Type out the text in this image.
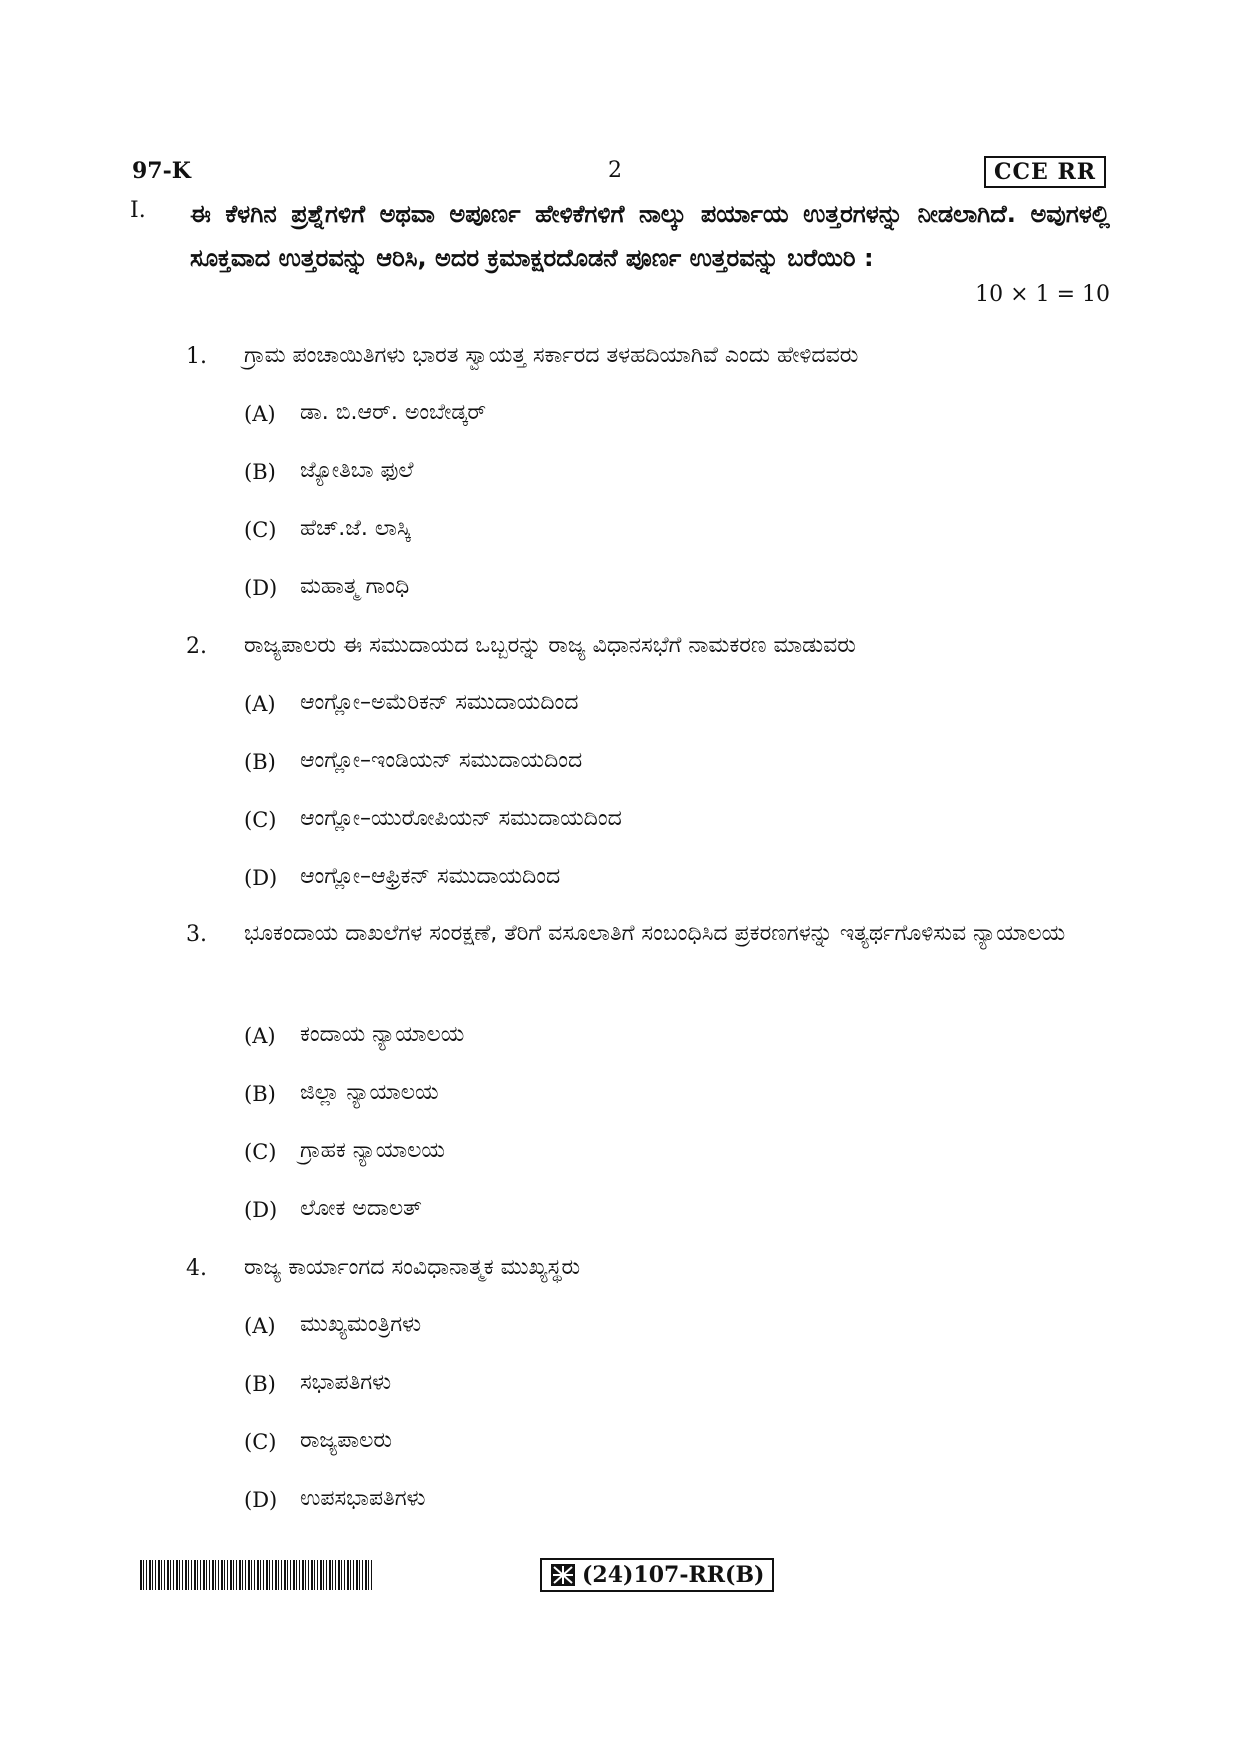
97-K	2	CCE RR
I. ಈ ಕೆಳಗಿನ ಪ್ರಶ್ನೆಗಳಿಗೆ ಅಥವಾ ಅಪೂರ್ಣ ಹೇಳಿಕೆಗಳಿಗೆ ನಾಲ್ಕು ಪರ್ಯಾಯ ಉತ್ತರಗಳನ್ನು ನೀಡಲಾಗಿದೆ. ಅವುಗಳಲ್ಲಿ ಸೂಕ್ತವಾದ ಉತ್ತರವನ್ನು ಆರಿಸಿ, ಅದರ ಕ್ರಮಾಕ್ಷರದೊಡನೆ ಪೂರ್ಣ ಉತ್ತರವನ್ನು ಬರೆಯಿರಿ :
10 × 1 = 10
1. ಗ್ರಾಮ ಪಂಚಾಯಿತಿಗಳು ಭಾರತ ಸ್ವಾಯತ್ತ ಸರ್ಕಾರದ ತಳಹದಿಯಾಗಿವೆ ಎಂದು ಹೇಳಿದವರು
(A) ಡಾ. ಬಿ.ಆರ್. ಅಂಬೇಡ್ಕರ್
(B) ಜ್ಯೋತಿಬಾ ಫುಲೆ
(C) ಹೆಚ್.ಜೆ. ಲಾಸ್ಕಿ
(D) ಮಹಾತ್ಮ ಗಾಂಧಿ
2. ರಾಜ್ಯಪಾಲರು ಈ ಸಮುದಾಯದ ಒಬ್ಬರನ್ನು ರಾಜ್ಯ ವಿಧಾನಸಭೆಗೆ ನಾಮಕರಣ ಮಾಡುವರು
(A) ಆಂಗ್ಲೋ–ಅಮೆರಿಕನ್ ಸಮುದಾಯದಿಂದ
(B) ಆಂಗ್ಲೋ–ಇಂಡಿಯನ್ ಸಮುದಾಯದಿಂದ
(C) ಆಂಗ್ಲೋ–ಯುರೋಪಿಯನ್ ಸಮುದಾಯದಿಂದ
(D) ಆಂಗ್ಲೋ–ಆಫ್ರಿಕನ್ ಸಮುದಾಯದಿಂದ
3. ಭೂಕಂದಾಯ ದಾಖಲೆಗಳ ಸಂರಕ್ಷಣೆ, ತೆರಿಗೆ ವಸೂಲಾತಿಗೆ ಸಂಬಂಧಿಸಿದ ಪ್ರಕರಣಗಳನ್ನು ಇತ್ಯರ್ಥಗೊಳಿಸುವ ನ್ಯಾಯಾಲಯ
(A) ಕಂದಾಯ ನ್ಯಾಯಾಲಯ
(B) ಜಿಲ್ಲಾ ನ್ಯಾಯಾಲಯ
(C) ಗ್ರಾಹಕ ನ್ಯಾಯಾಲಯ
(D) ಲೋಕ ಅದಾಲತ್
4. ರಾಜ್ಯ ಕಾರ್ಯಾಂಗದ ಸಂವಿಧಾನಾತ್ಮಕ ಮುಖ್ಯಸ್ಥರು
(A) ಮುಖ್ಯಮಂತ್ರಿಗಳು
(B) ಸಭಾಪತಿಗಳು
(C) ರಾಜ್ಯಪಾಲರು
(D) ಉಪಸಭಾಪತಿಗಳು
(24)107-RR(B)
